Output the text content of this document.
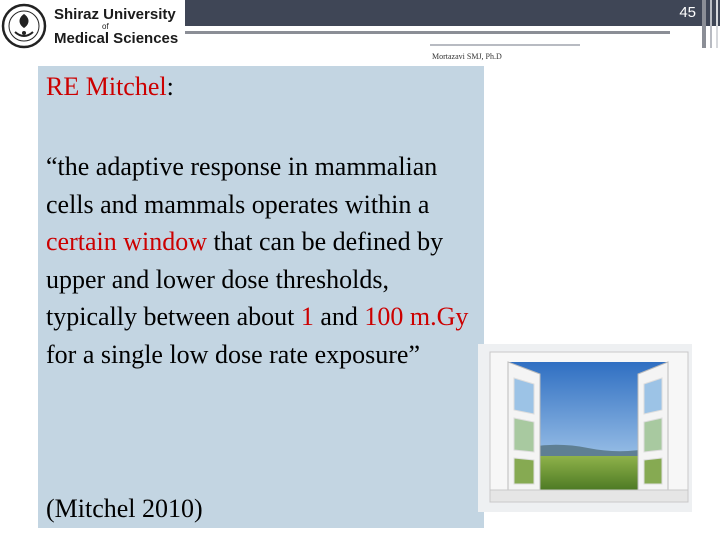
45
Shiraz University
of
Medical Sciences
Mortazavi SMJ, Ph.D
RE Mitchel:
“the adaptive response in mammalian cells and mammals operates within a certain window that can be defined by upper and lower dose thresholds, typically between about 1 and 100 m.Gy for a single low dose rate exposure”
(Mitchel 2010)
